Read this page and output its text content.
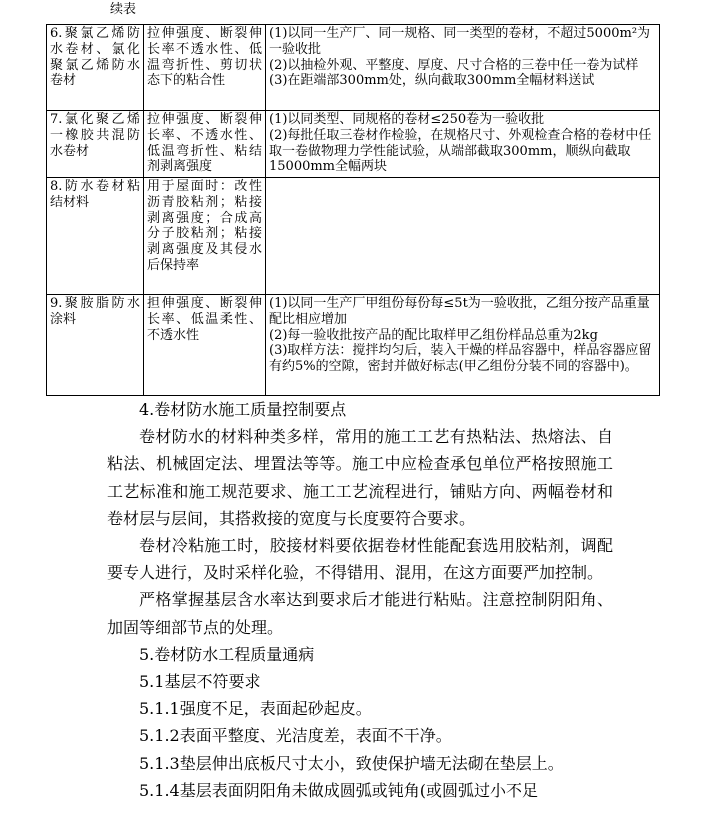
续表
6.聚氯乙烯防水卷材、氯化聚氯乙烯防水卷材	拉伸强度、断裂伸长率不透水性、低温弯折性、剪切状态下的粘合性	(1)以同一生产厂、同一规格、同一类型的卷材，不超过5000m²为一验收批
(2)以抽检外观、平整度、厚度、尺寸合格的三卷中任一卷为试样
(3)在距端部300mm处，纵向截取300mm全幅材料送试

7.氯化聚乙烯一橡胶共混防水卷材	拉伸强度、断裂伸长率、不透水性、低温弯折性、粘结剂剥离强度	(1)以同类型、同规格的卷材≤250卷为一验收批
(2)每批任取三卷材作检验，在规格尺寸、外观检查合格的卷材中任取一卷做物理力学性能试验，从端部截取300mm，顺纵向截取15000mm全幅两块

8.防水卷材粘结材料	用于屋面时：改性沥青胶粘剂；粘接剥离强度；合成高分子胶粘剂；粘接剥离强度及其侵水后保持率	
9.聚胺脂防水涂料	担伸强度、断裂伸长率、低温柔性、不透水性	(1)以同一生产厂甲组份每份每≤5t为一验收批，乙组分按产品重量配比相应增加
(2)每一验收批按产品的配比取样甲乙组份样品总重为2kg
(3)取样方法：搅拌均匀后，装入干燥的样品容器中，样品容器应留有约5%的空隙，密封并做好标志(甲乙组份分装不同的容器中)。

4.卷材防水施工质量控制要点

卷材防水的材料种类多样，常用的施工工艺有热粘法、热熔法、自粘法、机械固定法、埋置法等等。施工中应检查承包单位严格按照施工工艺标准和施工规范要求、施工工艺流程进行，铺贴方向、两幅卷材和卷材层与层间，其搭救接的宽度与长度要符合要求。

卷材冷粘施工时，胶接材料要依据卷材性能配套选用胶粘剂，调配要专人进行，及时采样化验，不得错用、混用，在这方面要严加控制。

严格掌握基层含水率达到要求后才能进行粘贴。注意控制阴阳角、加固等细部节点的处理。

5.卷材防水工程质量通病

5.1基层不符要求

5.1.1强度不足，表面起砂起皮。

5.1.2表面平整度、光洁度差，表面不干净。

5.1.3垫层伸出底板尺寸太小，致使保护墙无法砌在垫层上。

5.1.4基层表面阴阳角未做成圆弧或钝角(或圆弧过小不足
